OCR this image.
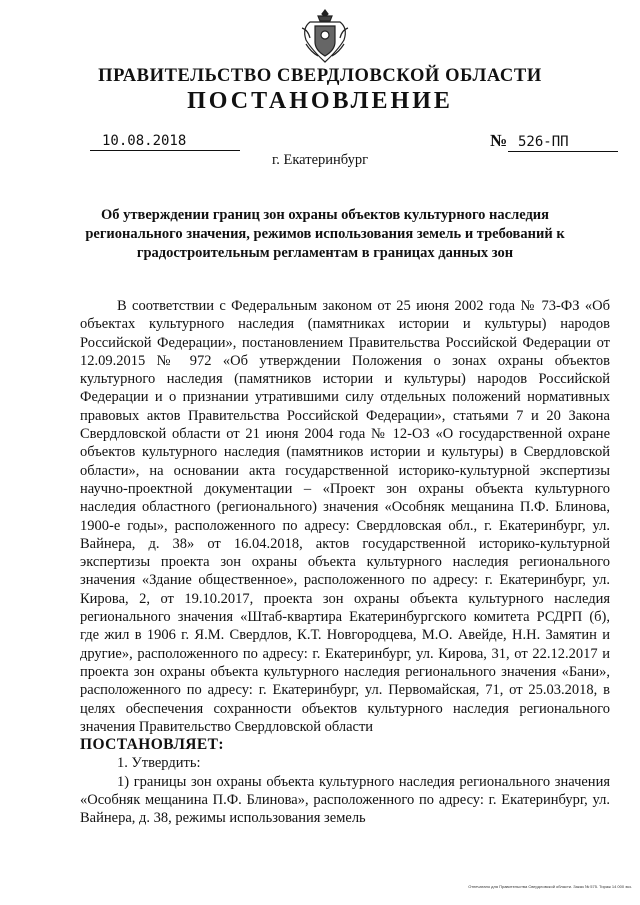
ПРАВИТЕЛЬСТВО СВЕРДЛОВСКОЙ ОБЛАСТИ
ПОСТАНОВЛЕНИЕ
10.08.2018	№ 526-ПП
г. Екатеринбург
Об утверждении границ зон охраны объектов культурного наследия регионального значения, режимов использования земель и требований к градостроительным регламентам в границах данных зон

В соответствии с Федеральным законом от 25 июня 2002 года № 73-ФЗ «Об объектах культурного наследия (памятниках истории и культуры) народов Российской Федерации», постановлением Правительства Российской Федерации от 12.09.2015 № 972 «Об утверждении Положения о зонах охраны объектов культурного наследия (памятников истории и культуры) народов Российской Федерации и о признании утратившими силу отдельных положений нормативных правовых актов Правительства Российской Федерации», статьями 7 и 20 Закона Свердловской области от 21 июня 2004 года № 12-ОЗ «О государственной охране объектов культурного наследия (памятников истории и культуры) в Свердловской области», на основании акта государственной историко-культурной экспертизы научно-проектной документации – «Проект зон охраны объекта культурного наследия областного (регионального) значения «Особняк мещанина П.Ф. Блинова, 1900-е годы», расположенного по адресу: Свердловская обл., г. Екатеринбург, ул. Вайнера, д. 38» от 16.04.2018, актов государственной историко-культурной экспертизы проекта зон охраны объекта культурного наследия регионального значения «Здание общественное», расположенного по адресу: г. Екатеринбург, ул. Кирова, 2, от 19.10.2017, проекта зон охраны объекта культурного наследия регионального значения «Штаб-квартира Екатеринбургского комитета РСДРП (б), где жил в 1906 г. Я.М. Свердлов, К.Т. Новгородцева, М.О. Авейде, Н.Н. Замятин и другие», расположенного по адресу: г. Екатеринбург, ул. Кирова, 31, от 22.12.2017 и проекта зон охраны объекта культурного наследия регионального значения «Бани», расположенного по адресу: г. Екатеринбург, ул. Первомайская, 71, от 25.03.2018, в целях обеспечения сохранности объектов культурного наследия регионального значения Правительство Свердловской области

ПОСТАНОВЛЯЕТ:

1. Утвердить:

1) границы зон охраны объекта культурного наследия регионального значения «Особняк мещанина П.Ф. Блинова», расположенного по адресу: г. Екатеринбург, ул. Вайнера, д. 38, режимы использования земель

Отпечатано для Правительства Свердловской области. Заказ № 575. Тираж 14 000 экз.
